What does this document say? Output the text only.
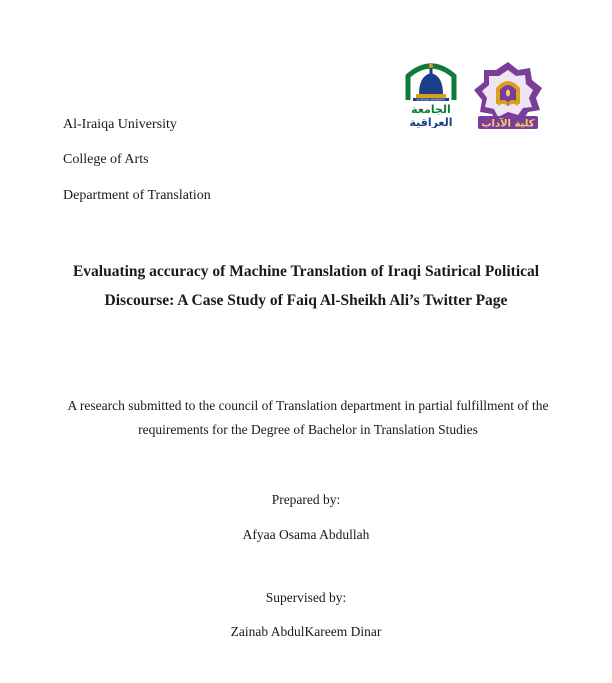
AL-IRAQIA UNIVERSITY
الجامعة
العراقية	كلية الآداب
Al-Iraiqa University
College of Arts
Department of Translation
Evaluating accuracy of Machine Translation of Iraqi Satirical Political Discourse: A Case Study of Faiq Al-Sheikh Ali’s Twitter Page
A research submitted to the council of Translation department in partial fulfillment of the requirements for the Degree of Bachelor in Translation Studies
Prepared by:
Afyaa Osama Abdullah
Supervised by:
Zainab AbdulKareem Dinar
